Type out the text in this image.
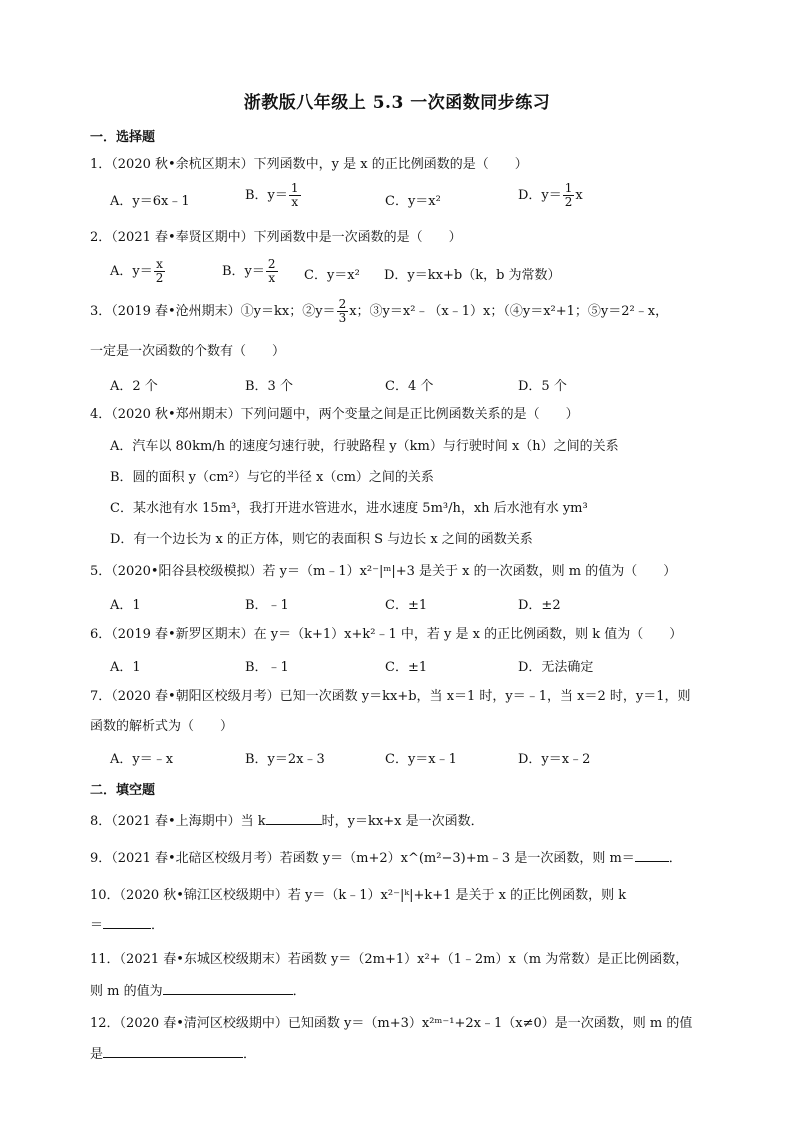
浙教版八年级上 5.3 一次函数同步练习
一．选择题
1．（2020 秋•余杭区期末）下列函数中，y 是 x 的正比例函数的是（　　）
A．y＝6x﹣1	B．$y= \frac{1}{x}$	C．y＝x²	D．$y= \frac{1}{2}$ x
2．（2021 春•奉贤区期中）下列函数中是一次函数的是（　　）
A．$y= \frac{x}{2}$	B．$y= \frac{2}{x}$ C．y＝x² D．y＝kx+b（k，b 为常数）
3．（2019 春•沧州期末）①y＝kx；②y＝ $\frac{2}{3}$ x；③y＝x²﹣（x﹣1）x；（④y＝x²+1；⑤y＝2²﹣x，
一定是一次函数的个数有（　　）
A．2 个	B．3 个	C．4 个	D．5 个
4．（2020 秋•郑州期末）下列问题中，两个变量之间是正比例函数关系的是（　　）
A．汽车以 80km/h 的速度匀速行驶，行驶路程 y（km）与行驶时间 x（h）之间的关系
B．圆的面积 y（cm²）与它的半径 x（cm）之间的关系
C．某水池有水 15m³，我打开进水管进水，进水速度 5m³/h，xh 后水池有水 ym³
D．有一个边长为 x 的正方体，则它的表面积 S 与边长 x 之间的函数关系
5．（2020•阳谷县校级模拟）若 y＝（m﹣1）x²⁻|ᵐ|+3 是关于 x 的一次函数，则 m 的值为（　　）
A．1	B．﹣1	C．±1	D．±2
6．（2019 春•新罗区期末）在 y＝（k+1）x+k²﹣1 中，若 y 是 x 的正比例函数，则 k 值为（　　）
A．1	B．﹣1	C．±1	D．无法确定
7．（2020 春•朝阳区校级月考）已知一次函数 y＝kx+b，当 x＝1 时，y＝﹣1，当 x＝2 时，y＝1，则
函数的解析式为（　　）
A．y＝﹣x	B．y＝2x﹣3	C．y＝x﹣1	D．y＝x﹣2
二．填空题
8．（2021 春•上海期中）当 k	时，y＝kx+x 是一次函数．
9．（2021 春•北碚区校级月考）若函数 y＝（m+2）x^(m²−3)+m﹣3 是一次函数，则 m＝	．
10．（2020 秋•锦江区校级期中）若 y＝（k﹣1）x²⁻|ᵏ|+k+1 是关于 x 的正比例函数，则 k
＝	．
11．（2021 春•东城区校级期末）若函数 y＝（2m+1）x²+（1﹣2m）x（m 为常数）是正比例函数，
则 m 的值为	．
12．（2020 春•清河区校级期中）已知函数 y＝（m+3）x²ᵐ⁻¹+2x﹣1（x≠0）是一次函数，则 m 的值
是	．
